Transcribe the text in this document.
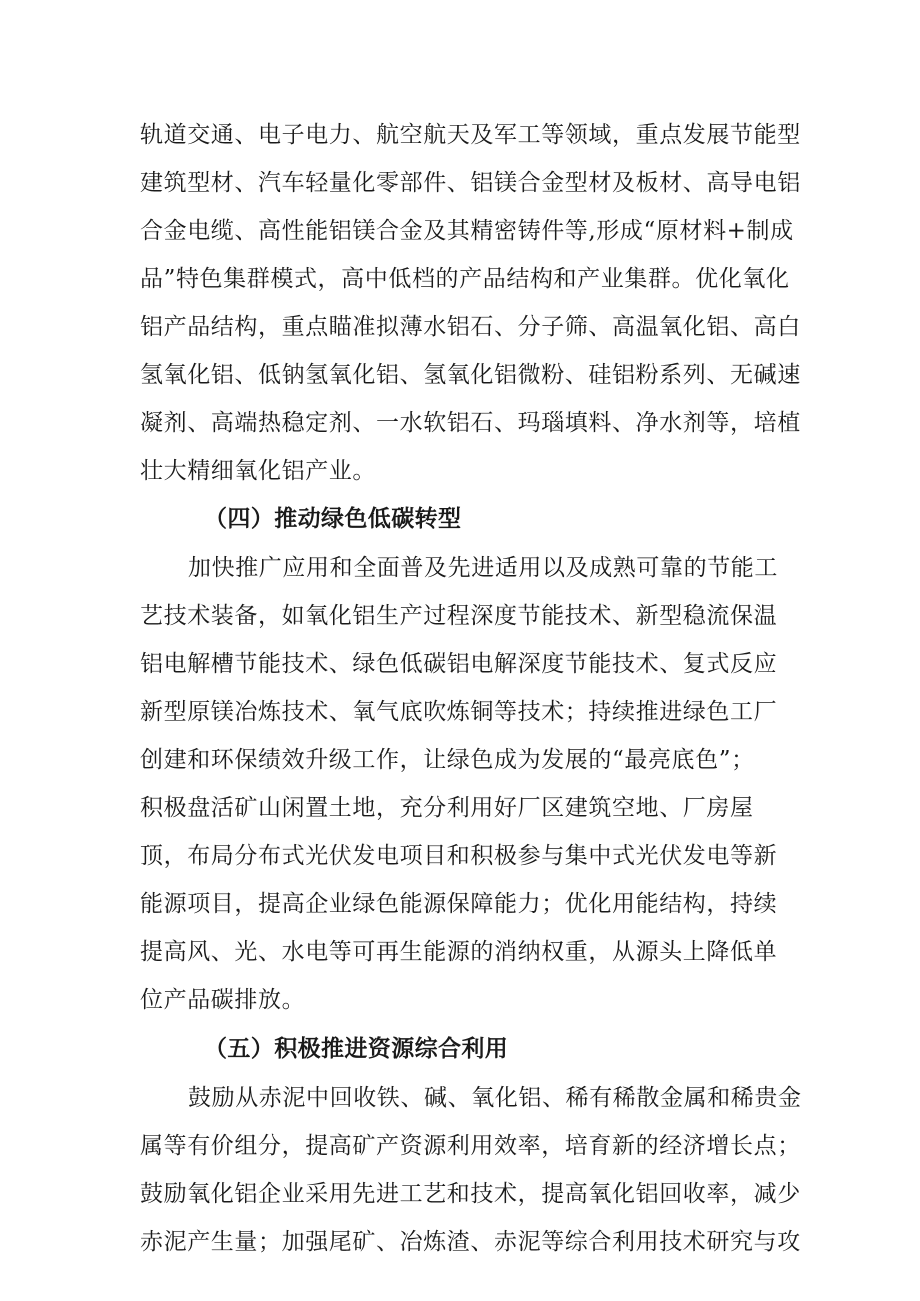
轨道交通、电子电力、航空航天及军工等领域，重点发展节能型
建筑型材、汽车轻量化零部件、铝镁合金型材及板材、高导电铝
合金电缆、高性能铝镁合金及其精密铸件等,形成“原材料+制成
品”特色集群模式，高中低档的产品结构和产业集群。优化氧化
铝产品结构，重点瞄准拟薄水铝石、分子筛、高温氧化铝、高白
氢氧化铝、低钠氢氧化铝、氢氧化铝微粉、硅铝粉系列、无碱速
凝剂、高端热稳定剂、一水软铝石、玛瑙填料、净水剂等，培植
壮大精细氧化铝产业。
（四）推动绿色低碳转型
加快推广应用和全面普及先进适用以及成熟可靠的节能工
艺技术装备，如氧化铝生产过程深度节能技术、新型稳流保温
铝电解槽节能技术、绿色低碳铝电解深度节能技术、复式反应
新型原镁冶炼技术、氧气底吹炼铜等技术；持续推进绿色工厂
创建和环保绩效升级工作，让绿色成为发展的“最亮底色”；
积极盘活矿山闲置土地，充分利用好厂区建筑空地、厂房屋
顶，布局分布式光伏发电项目和积极参与集中式光伏发电等新
能源项目，提高企业绿色能源保障能力；优化用能结构，持续
提高风、光、水电等可再生能源的消纳权重，从源头上降低单
位产品碳排放。
（五）积极推进资源综合利用
鼓励从赤泥中回收铁、碱、氧化铝、稀有稀散金属和稀贵金
属等有价组分，提高矿产资源利用效率，培育新的经济增长点；
鼓励氧化铝企业采用先进工艺和技术，提高氧化铝回收率，减少
赤泥产生量；加强尾矿、冶炼渣、赤泥等综合利用技术研究与攻
